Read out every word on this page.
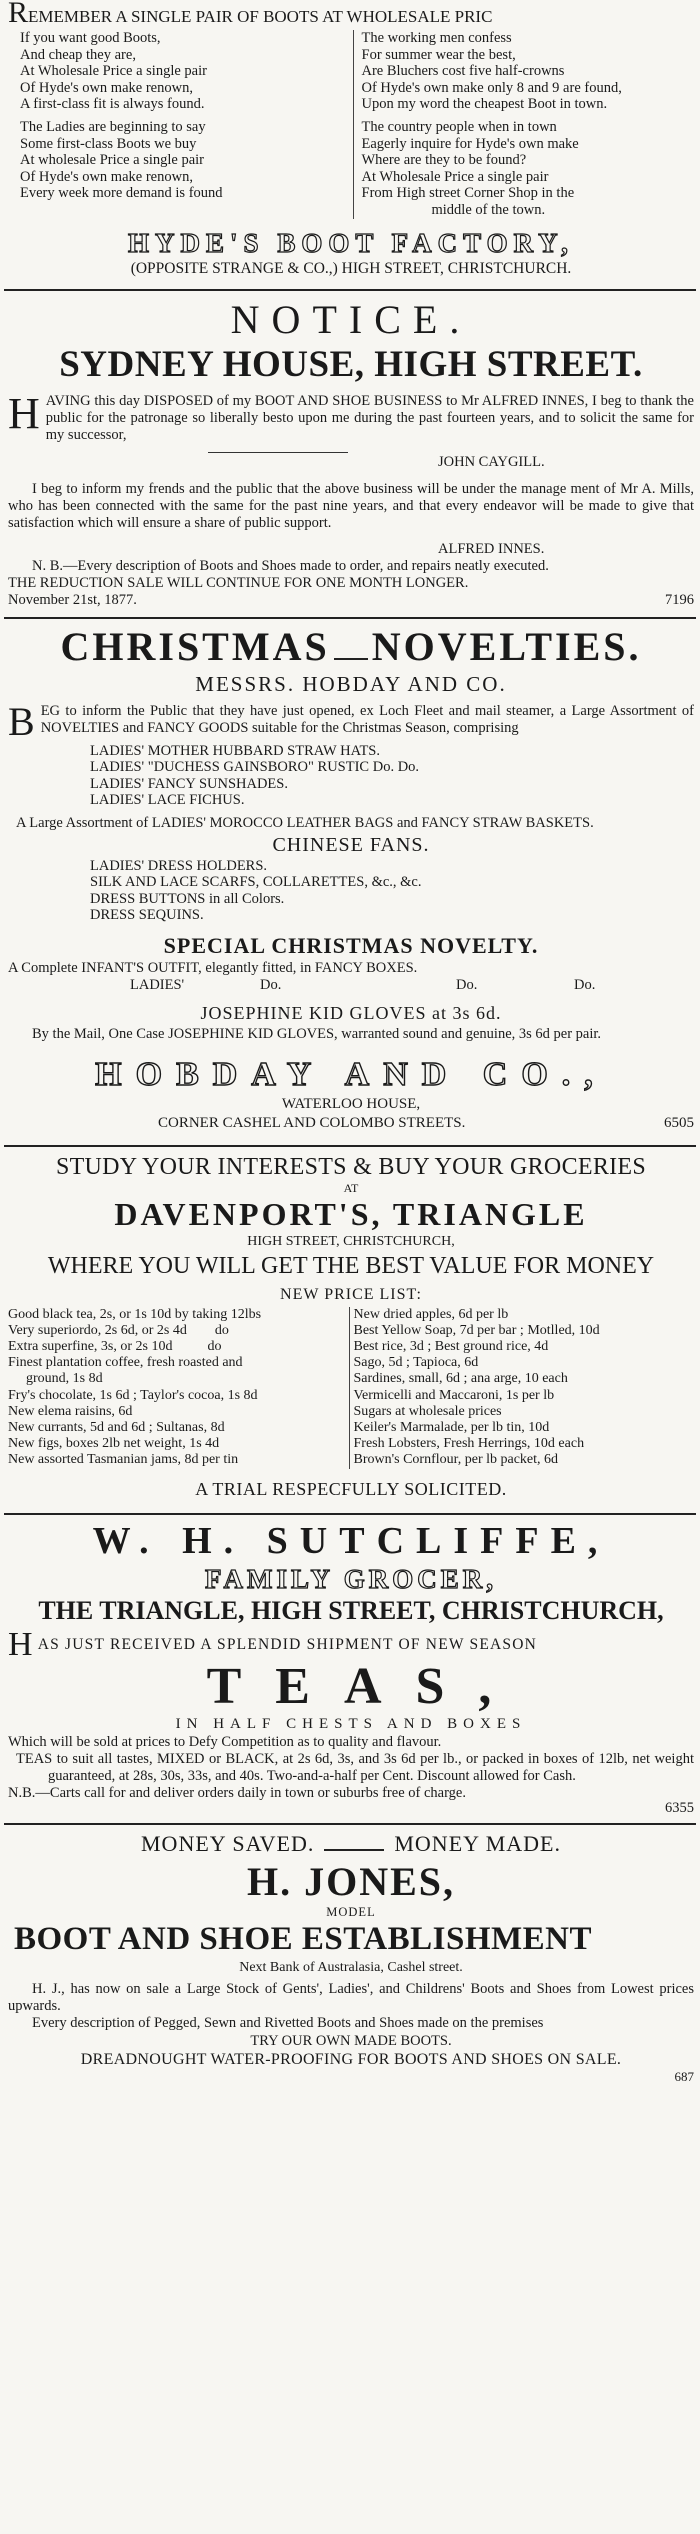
REMEMBER A SINGLE PAIR OF BOOTS AT WHOLESALE PRIC
If you want good Boots,
And cheap they are,
At Wholesale Price a single pair
Of Hyde's own make renown,
A first-class fit is always found.
The Ladies are beginning to say
Some first-class Boots we buy
At wholesale Price a single pair
Of Hyde's own make renown,
Every week more demand is found
The working men confess
For summer wear the best,
Are Bluchers cost five half-crowns
Of Hyde's own make only 8 and 9 are found,
Upon my word the cheapest Boot in town.
The country people when in town
Eagerly inquire for Hyde's own make
Where are they to be found?
At Wholesale Price a single pair
From High street Corner Shop in the
middle of the town.
HYDE'S BOOT FACTORY,
(OPPOSITE STRANGE & CO.,) HIGH STREET, CHRISTCHURCH.
NOTICE.
SYDNEY HOUSE, HIGH STREET.
HAVING this day DISPOSED of my BOOT AND SHOE BUSINESS to Mr ALFRED INNES, I beg to thank the public for the patronage so liberally besto upon me during the past fourteen years, and to solicit the same for my successor,
JOHN CAYGILL.
I beg to inform my frends and the public that the above business will be under the manage ment of Mr A. Mills, who has been connected with the same for the past nine years, and that every endeavor will be made to give that satisfaction which will ensure a share of public support.
ALFRED INNES.
N. B.—Every description of Boots and Shoes made to order, and repairs neatly executed.
THE REDUCTION SALE WILL CONTINUE FOR ONE MONTH LONGER.
November 21st, 1877.	7196
CHRISTMAS NOVELTIES.
MESSRS. HOBDAY AND CO.
BEG to inform the Public that they have just opened, ex Loch Fleet and mail steamer, a Large Assortment of NOVELTIES and FANCY GOODS suitable for the Christmas Season, comprising
LADIES' MOTHER HUBBARD STRAW HATS.
LADIES' "DUCHESS GAINSBORO" RUSTIC Do. Do.
LADIES' FANCY SUNSHADES.
LADIES' LACE FICHUS.
A Large Assortment of LADIES' MOROCCO LEATHER BAGS and FANCY STRAW BASKETS.
CHINESE FANS.
LADIES' DRESS HOLDERS.
SILK AND LACE SCARFS, COLLARETTES, &c., &c.
DRESS BUTTONS in all Colors.
DRESS SEQUINS.
SPECIAL CHRISTMAS NOVELTY.
A Complete INFANT'S OUTFIT, elegantly fitted, in FANCY BOXES.
LADIES'	Do.	Do.	Do.
JOSEPHINE KID GLOVES at 3s 6d.
By the Mail, One Case JOSEPHINE KID GLOVES, warranted sound and genuine, 3s 6d per pair.
HOBDAY AND CO.,
WATERLOO HOUSE,
CORNER CASHEL AND COLOMBO STREETS.	6505
STUDY YOUR INTERESTS & BUY YOUR GROCERIES
AT
DAVENPORT'S, TRIANGLE
HIGH STREET, CHRISTCHURCH,
WHERE YOU WILL GET THE BEST VALUE FOR MONEY
NEW PRICE LIST:
Good black tea, 2s, or 1s 10d by taking 12lbs
Very superiordo, 2s 6d, or 2s 4d        do
Extra superfine, 3s, or 2s 10d          do
Finest plantation coffee, fresh roasted and
ground, 1s 8d
Fry's chocolate, 1s 6d ; Taylor's cocoa, 1s 8d
New elema raisins, 6d
New currants, 5d and 6d ; Sultanas, 8d
New figs, boxes 2lb net weight, 1s 4d
New assorted Tasmanian jams, 8d per tin
New dried apples, 6d per lb
Best Yellow Soap, 7d per bar ; Motlled, 10d
Best rice, 3d ; Best ground rice, 4d
Sago, 5d ; Tapioca, 6d
Sardines, small, 6d ; ana arge, 10 each
Vermicelli and Maccaroni, 1s per lb
Sugars at wholesale prices
Keiler's Marmalade, per lb tin, 10d
Fresh Lobsters, Fresh Herrings, 10d each
Brown's Cornflour, per lb packet, 6d
A TRIAL RESPECFULLY SOLICITED.
W. H. SUTCLIFFE,
FAMILY GROCER,
THE TRIANGLE, HIGH STREET, CHRISTCHURCH,
HAS JUST RECEIVED A SPLENDID SHIPMENT OF NEW SEASON
TEAS,
IN HALF CHESTS AND BOXES
Which will be sold at prices to Defy Competition as to quality and flavour.
TEAS to suit all tastes, MIXED or BLACK, at 2s 6d, 3s, and 3s 6d per lb., or packed in boxes of 12lb, net weight guaranteed, at 28s, 30s, 33s, and 40s. Two-and-a-half per Cent. Discount allowed for Cash.
N.B.—Carts call for and deliver orders daily in town or suburbs free of charge.
6355
MONEY SAVED.	MONEY MADE.
H. JONES,
MODEL
BOOT AND SHOE ESTABLISHMENT
Next Bank of Australasia, Cashel street.
H. J., has now on sale a Large Stock of Gents', Ladies', and Childrens' Boots and Shoes from Lowest prices upwards.
Every description of Pegged, Sewn and Rivetted Boots and Shoes made on the premises
TRY OUR OWN MADE BOOTS.
DREADNOUGHT WATER-PROOFING FOR BOOTS AND SHOES ON SALE.
687
